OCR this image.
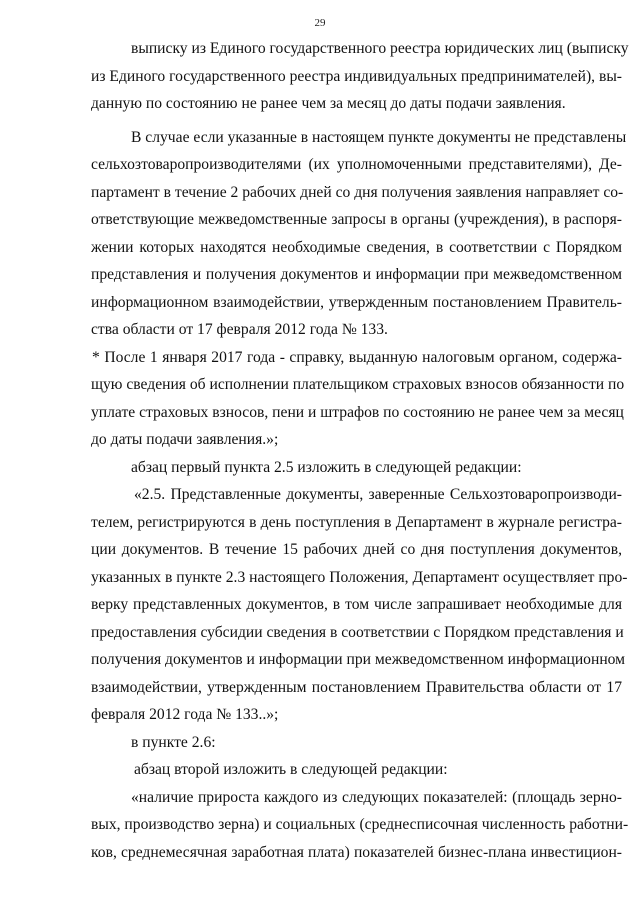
29
выписку из Единого государственного реестра юридических лиц (выписку
из Единого государственного реестра индивидуальных предпринимателей), вы-
данную по состоянию не ранее чем за месяц до даты подачи заявления.
В случае если указанные в настоящем пункте документы не представлены
сельхозтоваропроизводителями (их уполномоченными представителями), Де-
партамент в течение 2 рабочих дней со дня получения заявления направляет со-
ответствующие межведомственные запросы в органы (учреждения), в распоря-
жении которых находятся необходимые сведения, в соответствии с Порядком
представления и получения документов и информации при межведомственном
информационном взаимодействии, утвержденным постановлением Правитель-
ства области от 17 февраля 2012 года № 133.
* После 1 января 2017 года - справку, выданную налоговым органом, содержа-
щую сведения об исполнении плательщиком страховых взносов обязанности по
уплате страховых взносов, пени и штрафов по состоянию не ранее чем за месяц
до даты подачи заявления.»;
абзац первый пункта 2.5 изложить в следующей редакции:
«2.5. Представленные документы, заверенные Сельхозтоваропроизводи-
телем, регистрируются в день поступления в Департамент в журнале регистра-
ции документов. В течение 15 рабочих дней со дня поступления документов,
указанных в пункте 2.3 настоящего Положения, Департамент осуществляет про-
верку представленных документов, в том числе запрашивает необходимые для
предоставления субсидии сведения в соответствии с Порядком представления и
получения документов и информации при межведомственном информационном
взаимодействии, утвержденным постановлением Правительства области от 17
февраля 2012 года № 133..»;
в пункте 2.6:
абзац второй изложить в следующей редакции:
«наличие прироста каждого из следующих показателей: (площадь зерно-
вых, производство зерна) и социальных (среднесписочная численность работни-
ков, среднемесячная заработная плата) показателей бизнес-плана инвестицион-
